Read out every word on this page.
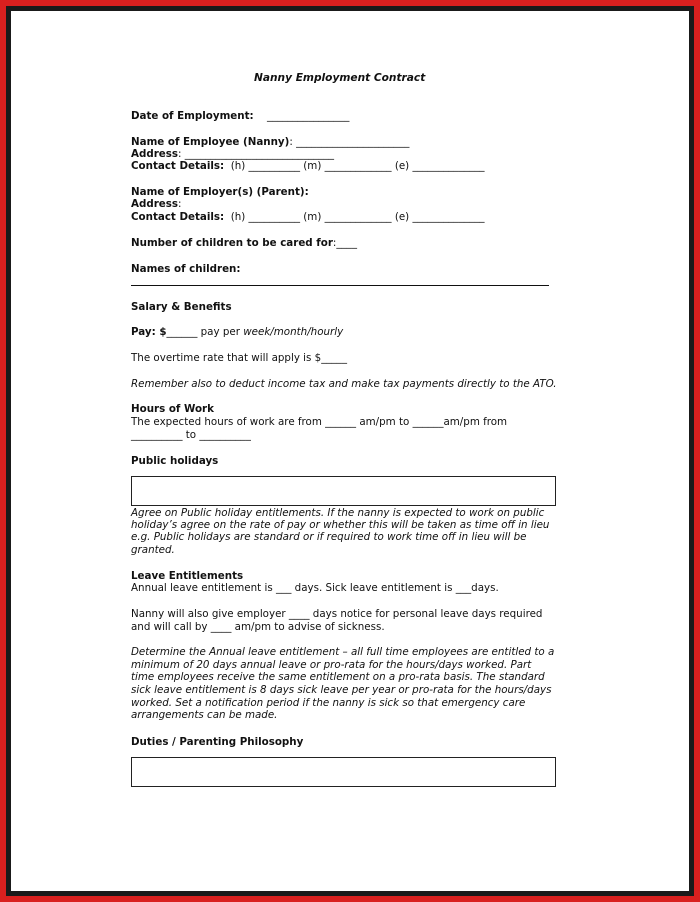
Nanny Employment Contract
Date of Employment: ________________
Name of Employee (Nanny): ______________________
Address: _____________________________
Contact Details: (h) __________ (m) _____________ (e) ______________
Name of Employer(s) (Parent):
Address:
Contact Details: (h) __________ (m) _____________ (e) ______________
Number of children to be cared for:____
Names of children:
Salary & Benefits
Pay: $______ pay per week/month/hourly
The overtime rate that will apply is $_____
Remember also to deduct income tax and make tax payments directly to the ATO.
Hours of Work
The expected hours of work are from ______ am/pm to ______am/pm from
__________ to __________
Public holidays
Agree on Public holiday entitlements. If the nanny is expected to work on public
holiday’s agree on the rate of pay or whether this will be taken as time off in lieu
e.g. Public holidays are standard or if required to work time off in lieu will be
granted.
Leave Entitlements
Annual leave entitlement is ___ days. Sick leave entitlement is ___days.
Nanny will also give employer ____ days notice for personal leave days required
and will call by ____ am/pm to advise of sickness.
Determine the Annual leave entitlement – all full time employees are entitled to a
minimum of 20 days annual leave or pro-rata for the hours/days worked. Part
time employees receive the same entitlement on a pro-rata basis. The standard
sick leave entitlement is 8 days sick leave per year or pro-rata for the hours/days
worked. Set a notification period if the nanny is sick so that emergency care
arrangements can be made.
Duties / Parenting Philosophy
